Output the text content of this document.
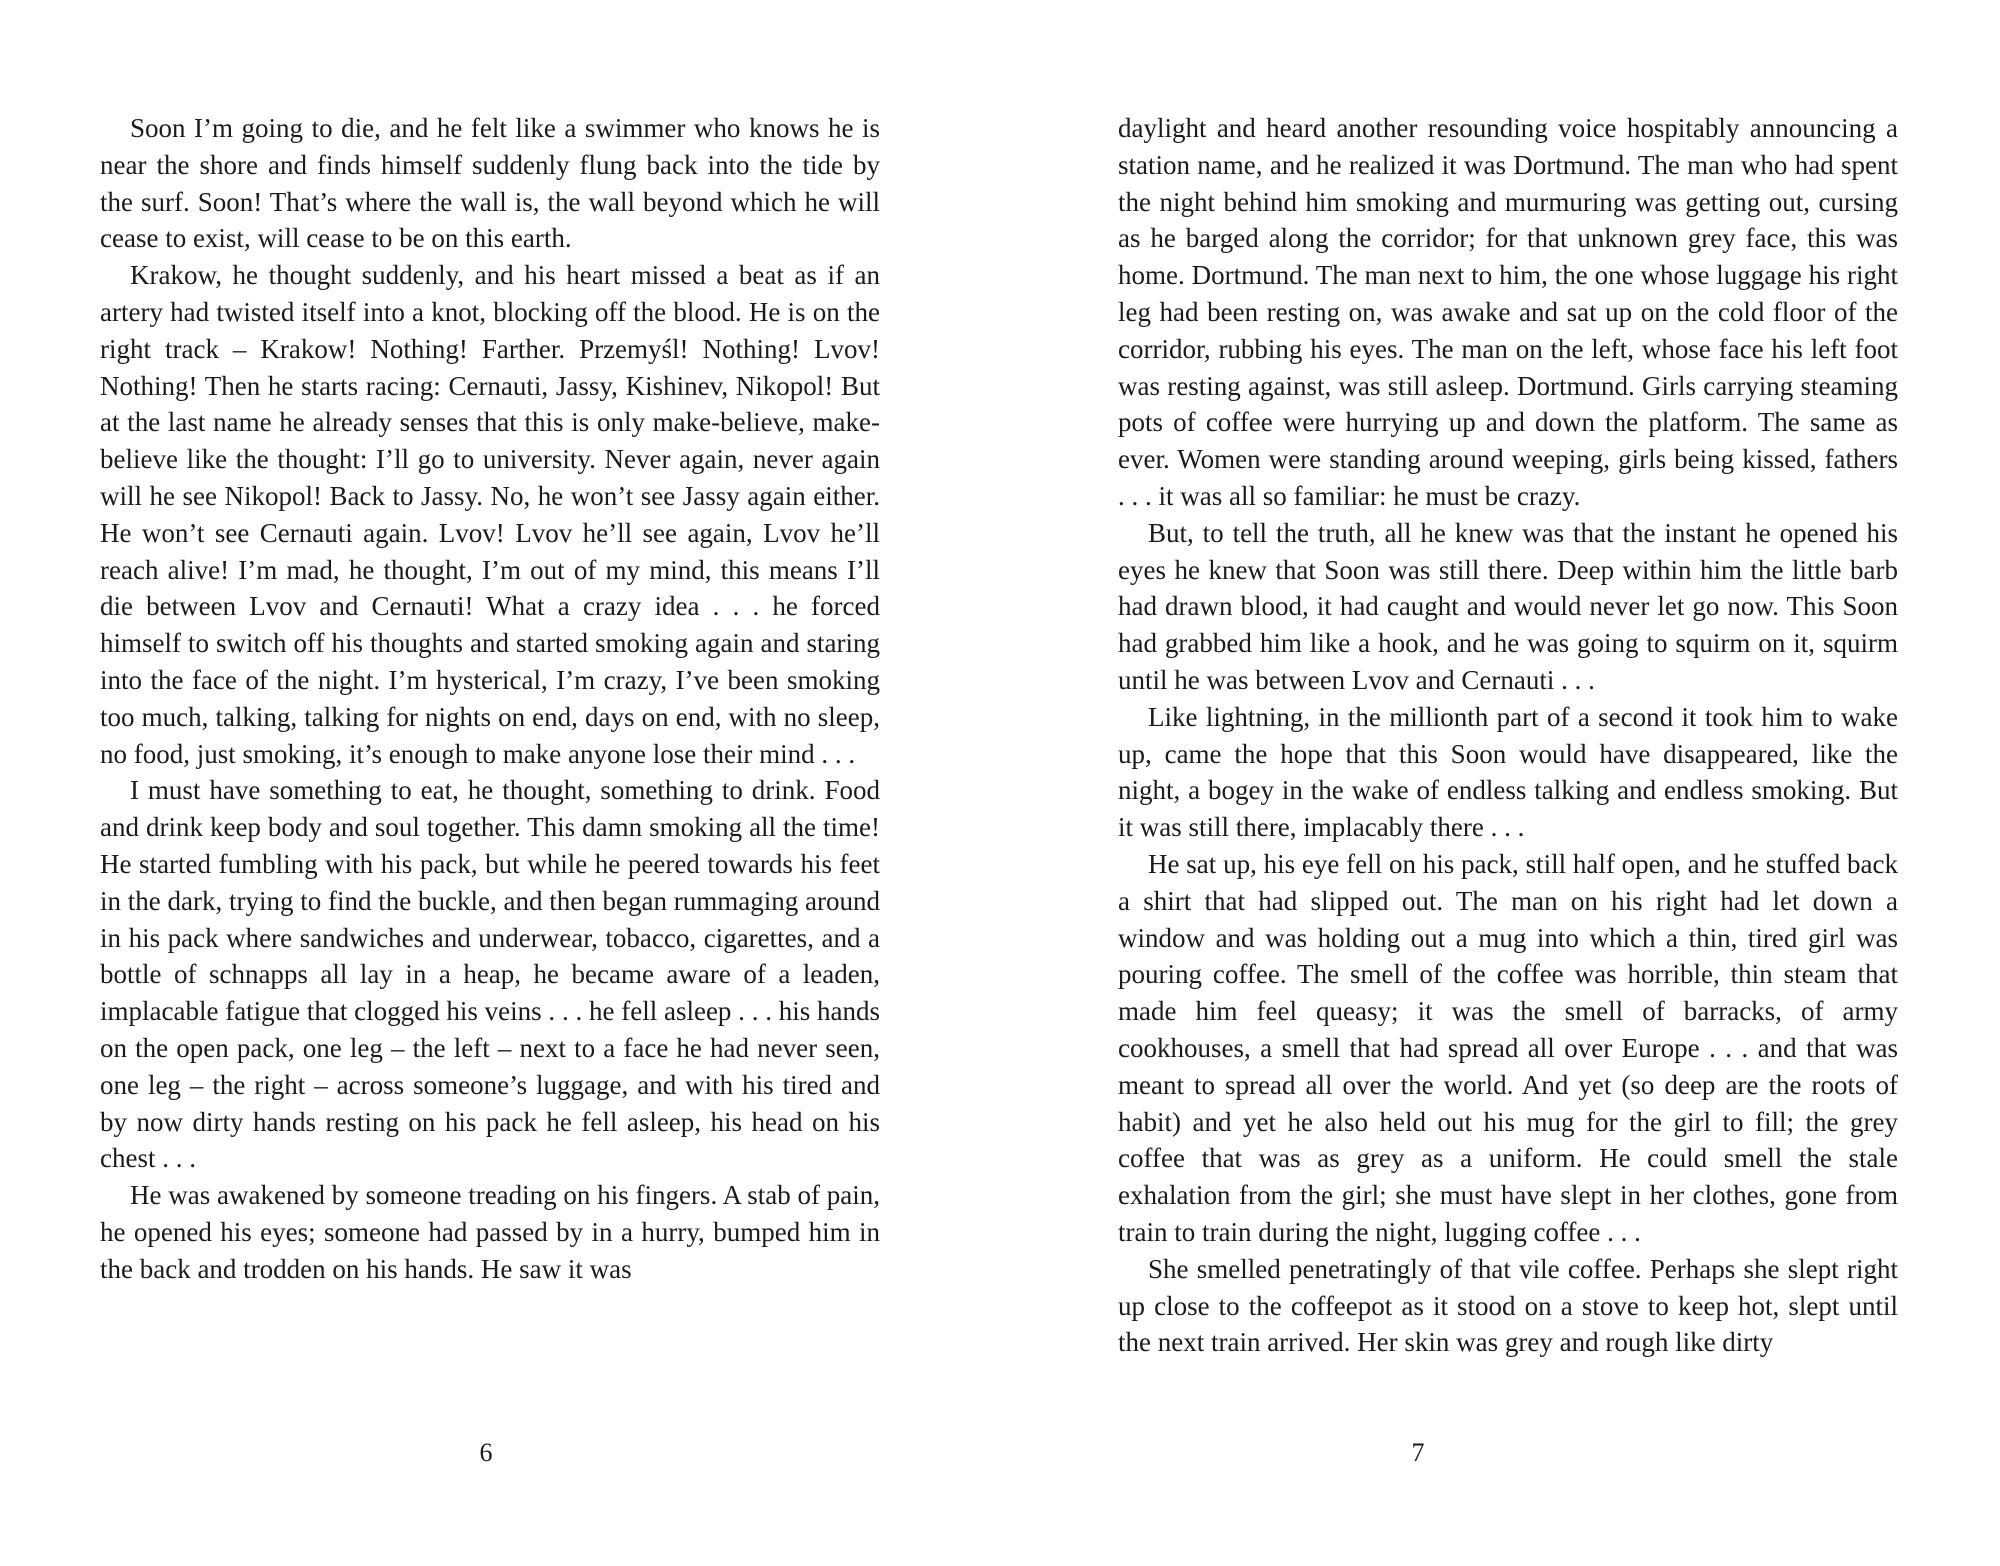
Soon I’m going to die, and he felt like a swimmer who knows he is near the shore and finds himself suddenly flung back into the tide by the surf. Soon! That’s where the wall is, the wall beyond which he will cease to exist, will cease to be on this earth.

Krakow, he thought suddenly, and his heart missed a beat as if an artery had twisted itself into a knot, blocking off the blood. He is on the right track – Krakow! Nothing! Farther. Przemyśl! Nothing! Lvov! Nothing! Then he starts racing: Cernauti, Jassy, Kishinev, Nikopol! But at the last name he already senses that this is only make-believe, make-believe like the thought: I’ll go to university. Never again, never again will he see Nikopol! Back to Jassy. No, he won’t see Jassy again either. He won’t see Cernauti again. Lvov! Lvov he’ll see again, Lvov he’ll reach alive! I’m mad, he thought, I’m out of my mind, this means I’ll die between Lvov and Cernauti! What a crazy idea . . . he forced himself to switch off his thoughts and started smoking again and staring into the face of the night. I’m hysterical, I’m crazy, I’ve been smoking too much, talking, talking for nights on end, days on end, with no sleep, no food, just smoking, it’s enough to make anyone lose their mind . . .

I must have something to eat, he thought, something to drink. Food and drink keep body and soul together. This damn smoking all the time! He started fumbling with his pack, but while he peered towards his feet in the dark, trying to find the buckle, and then began rummaging around in his pack where sandwiches and underwear, tobacco, cigarettes, and a bottle of schnapps all lay in a heap, he became aware of a leaden, implacable fatigue that clogged his veins . . . he fell asleep . . . his hands on the open pack, one leg – the left – next to a face he had never seen, one leg – the right – across someone’s luggage, and with his tired and by now dirty hands resting on his pack he fell asleep, his head on his chest . . .

He was awakened by someone treading on his fingers. A stab of pain, he opened his eyes; someone had passed by in a hurry, bumped him in the back and trodden on his hands. He saw it was

6

daylight and heard another resounding voice hospitably announcing a station name, and he realized it was Dortmund. The man who had spent the night behind him smoking and murmuring was getting out, cursing as he barged along the corridor; for that unknown grey face, this was home. Dortmund. The man next to him, the one whose luggage his right leg had been resting on, was awake and sat up on the cold floor of the corridor, rubbing his eyes. The man on the left, whose face his left foot was resting against, was still asleep. Dortmund. Girls carrying steaming pots of coffee were hurrying up and down the platform. The same as ever. Women were standing around weeping, girls being kissed, fathers . . . it was all so familiar: he must be crazy.

But, to tell the truth, all he knew was that the instant he opened his eyes he knew that Soon was still there. Deep within him the little barb had drawn blood, it had caught and would never let go now. This Soon had grabbed him like a hook, and he was going to squirm on it, squirm until he was between Lvov and Cernauti . . .

Like lightning, in the millionth part of a second it took him to wake up, came the hope that this Soon would have disappeared, like the night, a bogey in the wake of endless talking and endless smoking. But it was still there, implacably there . . .

He sat up, his eye fell on his pack, still half open, and he stuffed back a shirt that had slipped out. The man on his right had let down a window and was holding out a mug into which a thin, tired girl was pouring coffee. The smell of the coffee was horrible, thin steam that made him feel queasy; it was the smell of barracks, of army cookhouses, a smell that had spread all over Europe . . . and that was meant to spread all over the world. And yet (so deep are the roots of habit) and yet he also held out his mug for the girl to fill; the grey coffee that was as grey as a uniform. He could smell the stale exhalation from the girl; she must have slept in her clothes, gone from train to train during the night, lugging coffee . . .

She smelled penetratingly of that vile coffee. Perhaps she slept right up close to the coffeepot as it stood on a stove to keep hot, slept until the next train arrived. Her skin was grey and rough like dirty

7
